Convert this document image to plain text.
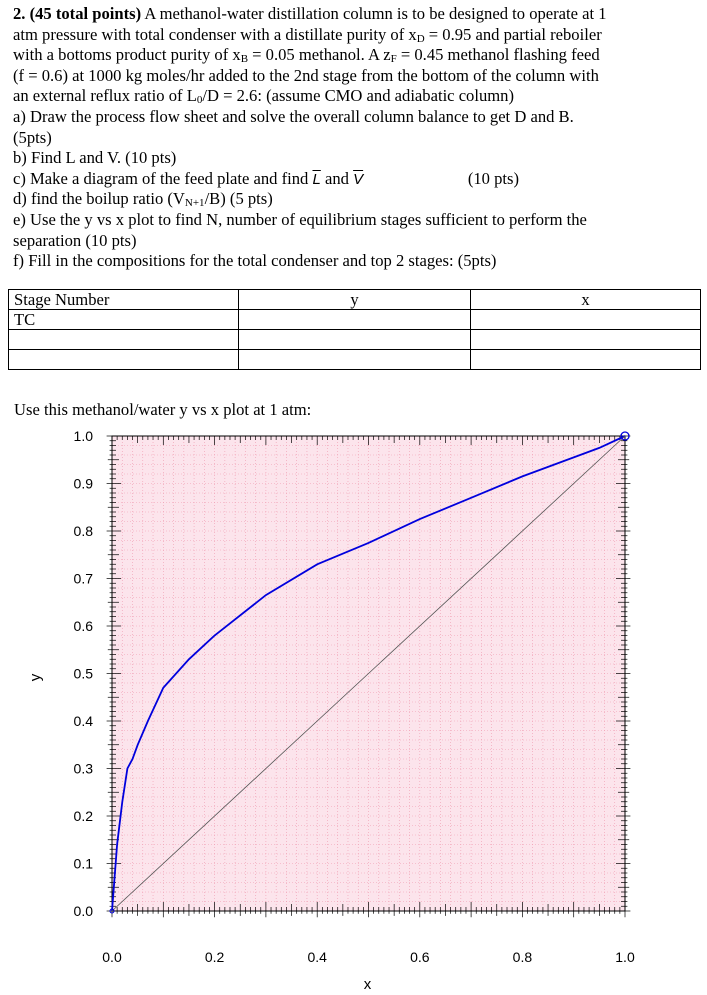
2. (45 total points) A methanol-water distillation column is to be designed to operate at 1
atm pressure with total condenser with a distillate purity of xD = 0.95 and partial reboiler
with a bottoms product purity of xB = 0.05 methanol. A zF = 0.45 methanol flashing feed
(f = 0.6) at 1000 kg moles/hr added to the 2nd stage from the bottom of the column with
an external reflux ratio of L0/D = 2.6: (assume CMO and adiabatic column)
a) Draw the process flow sheet and solve the overall column balance to get D and B.
(5pts)
b) Find L and V. (10 pts)
c) Make a diagram of the feed plate and find $\overline{L}$ and $\overline{V}$	(10 pts)
d) find the boilup ratio (VN+1/B) (5 pts)
e) Use the y vs x plot to find N, number of equilibrium stages sufficient to perform the
separation (10 pts)
f) Fill in the compositions for the total condenser and top 2 stages: (5pts)
Stage Number	y	x
TC		

Use this methanol/water y vs x plot at 1 atm:
0.0	0.2	0.4	0.6	0.8	1.0
0.0
0.1
0.2
0.3
0.4
0.5
0.6
0.7
0.8
0.9
1.0
x
y
